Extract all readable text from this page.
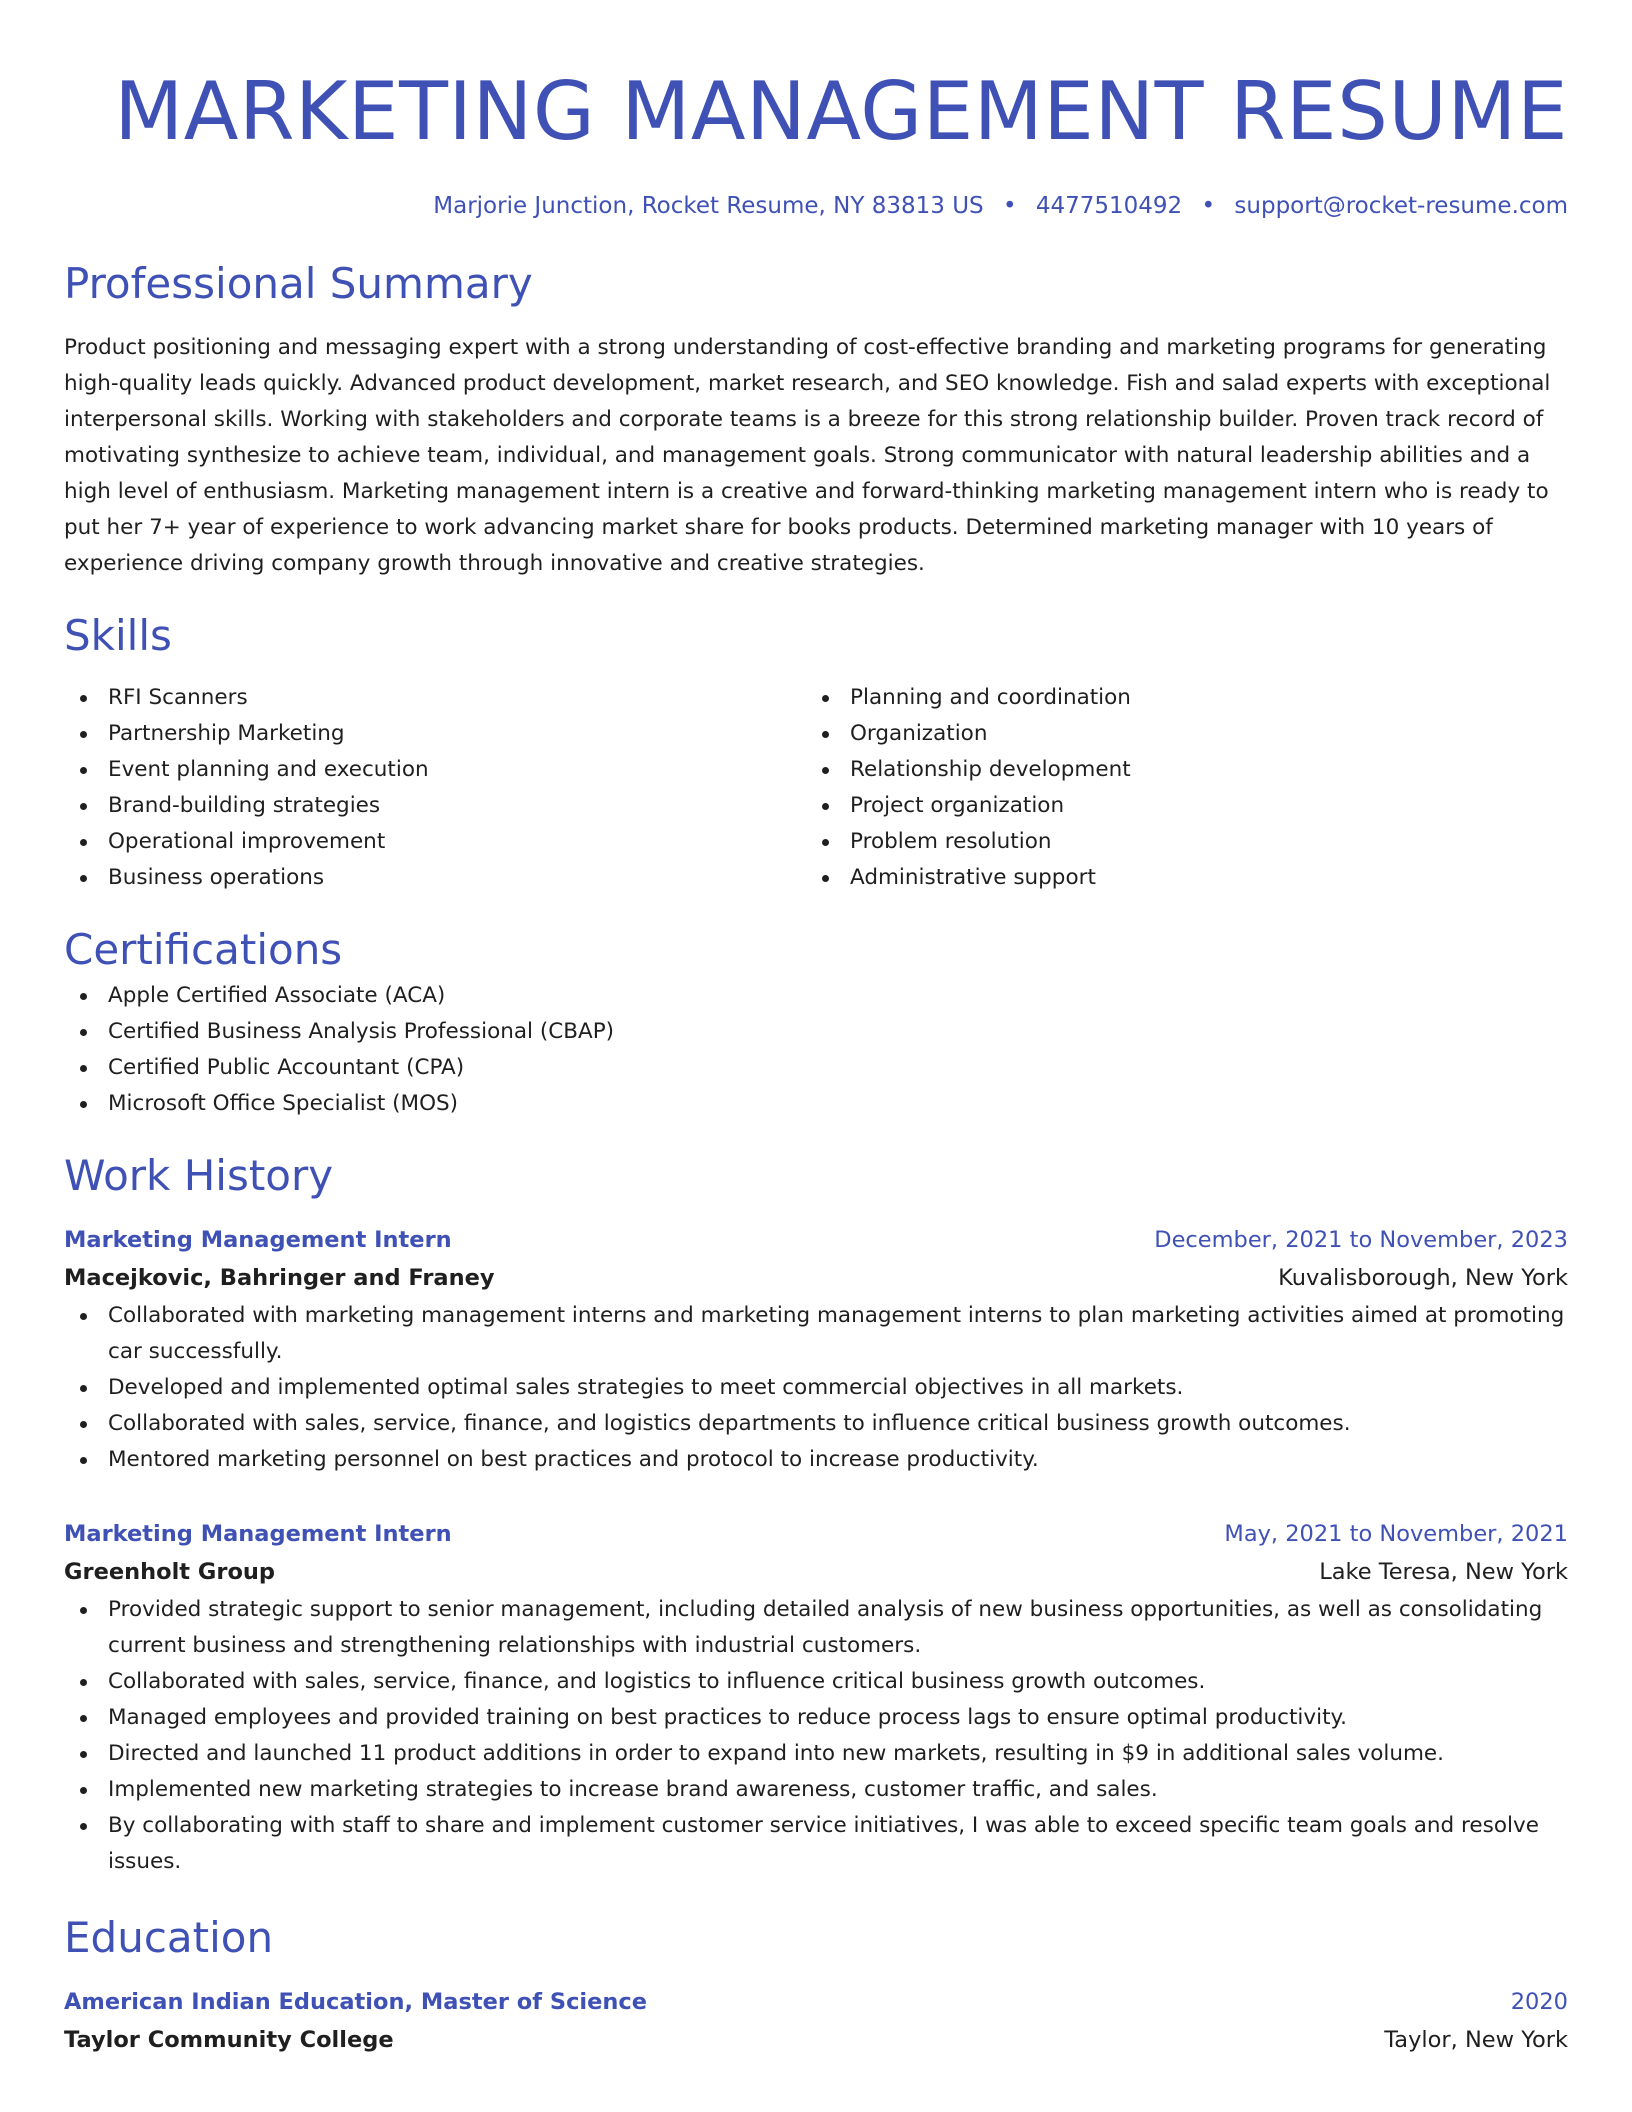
MARKETING MANAGEMENT RESUME
Marjorie Junction, Rocket Resume, NY 83813 US • 4477510492 • support@rocket-resume.com
Professional Summary

Product positioning and messaging expert with a strong understanding of cost-effective branding and marketing programs for generating high-quality leads quickly. Advanced product development, market research, and SEO knowledge. Fish and salad experts with exceptional interpersonal skills. Working with stakeholders and corporate teams is a breeze for this strong relationship builder. Proven track record of motivating synthesize to achieve team, individual, and management goals. Strong communicator with natural leadership abilities and a high level of enthusiasm. Marketing management intern is a creative and forward-thinking marketing management intern who is ready to put her 7+ year of experience to work advancing market share for books products. Determined marketing manager with 10 years of experience driving company growth through innovative and creative strategies.

Skills
RFI Scanners
Partnership Marketing
Event planning and execution
Brand-building strategies
Operational improvement
Business operations
Planning and coordination
Organization
Relationship development
Project organization
Problem resolution
Administrative support
Certifications
Apple Certified Associate (ACA)
Certified Business Analysis Professional (CBAP)
Certified Public Accountant (CPA)
Microsoft Office Specialist (MOS)
Work History
Marketing Management Intern	December, 2021 to November, 2023
Macejkovic, Bahringer and Franey	Kuvalisborough, New York
Collaborated with marketing management interns and marketing management interns to plan marketing activities aimed at promoting car successfully.
Developed and implemented optimal sales strategies to meet commercial objectives in all markets.
Collaborated with sales, service, finance, and logistics departments to influence critical business growth outcomes.
Mentored marketing personnel on best practices and protocol to increase productivity.
Marketing Management Intern	May, 2021 to November, 2021
Greenholt Group	Lake Teresa, New York
Provided strategic support to senior management, including detailed analysis of new business opportunities, as well as consolidating current business and strengthening relationships with industrial customers.
Collaborated with sales, service, finance, and logistics to influence critical business growth outcomes.
Managed employees and provided training on best practices to reduce process lags to ensure optimal productivity.
Directed and launched 11 product additions in order to expand into new markets, resulting in $9 in additional sales volume.
Implemented new marketing strategies to increase brand awareness, customer traffic, and sales.
By collaborating with staff to share and implement customer service initiatives, I was able to exceed specific team goals and resolve issues.
Education
American Indian Education, Master of Science	2020
Taylor Community College	Taylor, New York
